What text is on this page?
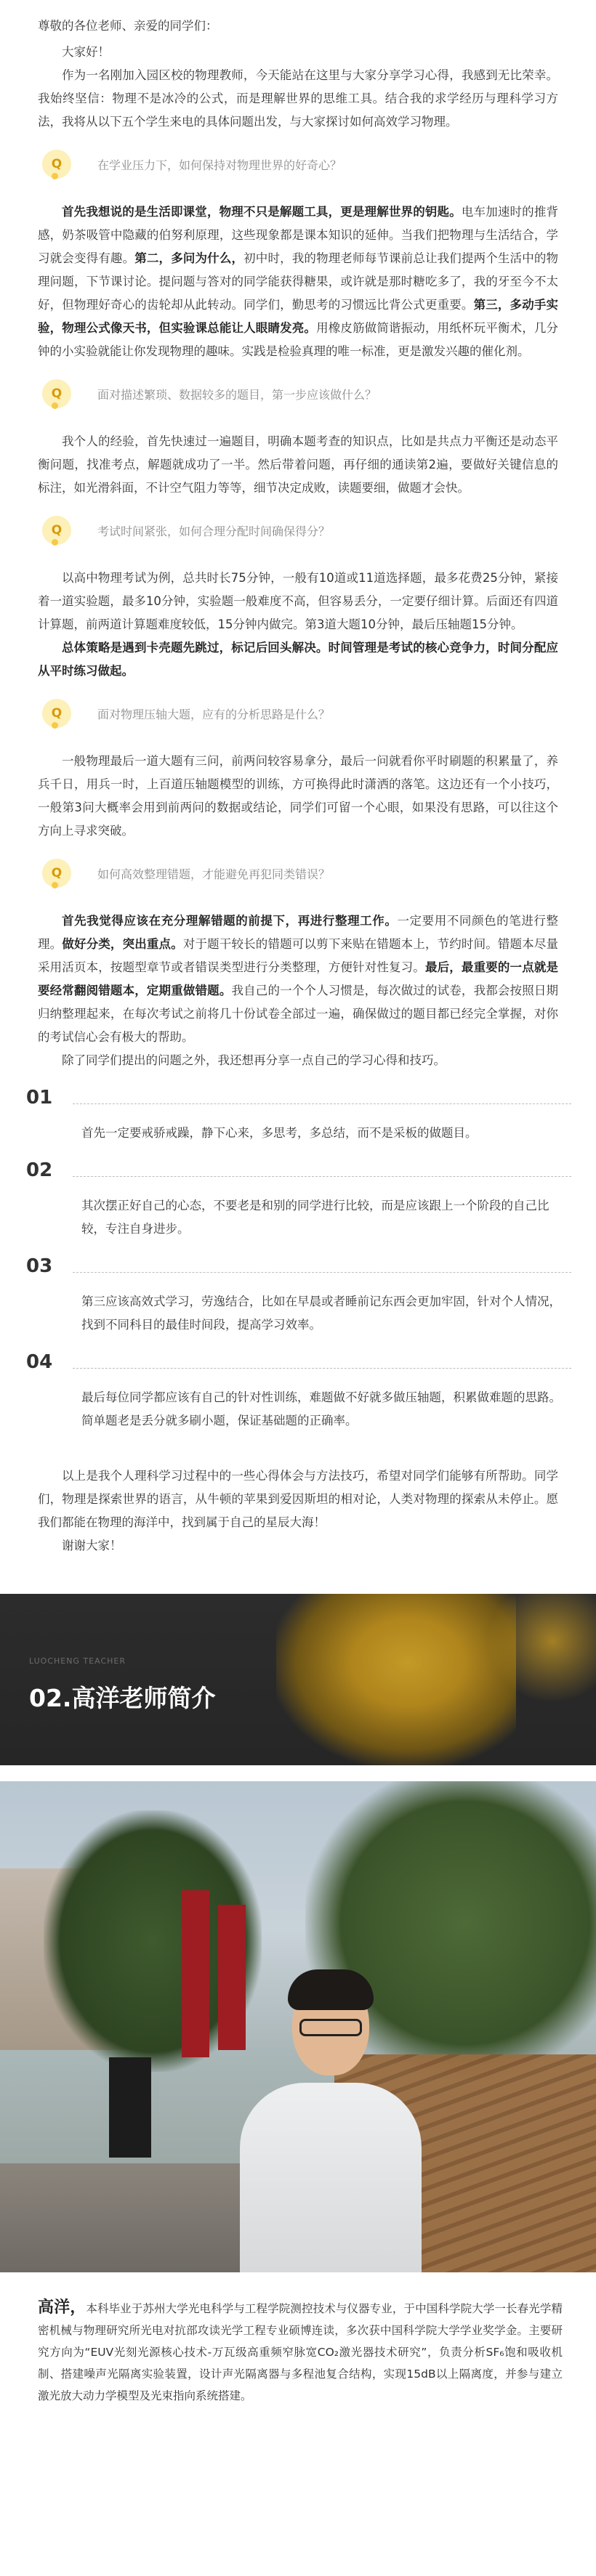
尊敬的各位老师、亲爱的同学们：

大家好！

作为一名刚加入园区校的物理教师，今天能站在这里与大家分享学习心得，我感到无比荣幸。我始终坚信：物理不是冰冷的公式，而是理解世界的思维工具。结合我的求学经历与理科学习方法，我将从以下五个学生来电的具体问题出发，与大家探讨如何高效学习物理。

Q	在学业压力下，如何保持对物理世界的好奇心？

首先我想说的是生活即课堂，物理不只是解题工具，更是理解世界的钥匙。电车加速时的推背感，奶茶吸管中隐藏的伯努利原理，这些现象都是课本知识的延伸。当我们把物理与生活结合，学习就会变得有趣。第二，多问为什么，初中时，我的物理老师每节课前总让我们提两个生活中的物理问题，下节课讨论。提问题与答对的同学能获得糖果，或许就是那时糖吃多了，我的牙至今不太好，但物理好奇心的齿轮却从此转动。同学们，勤思考的习惯远比背公式更重要。第三，多动手实验，物理公式像天书，但实验课总能让人眼睛发亮。用橡皮筋做简谐振动，用纸杯玩平衡术，几分钟的小实验就能让你发现物理的趣味。实践是检验真理的唯一标准，更是激发兴趣的催化剂。

Q	面对描述繁琐、数据较多的题目，第一步应该做什么？

我个人的经验，首先快速过一遍题目，明确本题考查的知识点，比如是共点力平衡还是动态平衡问题，找准考点，解题就成功了一半。然后带着问题，再仔细的通读第2遍，要做好关键信息的标注，如光滑斜面，不计空气阻力等等，细节决定成败，读题要细，做题才会快。

Q	考试时间紧张，如何合理分配时间确保得分？

以高中物理考试为例，总共时长75分钟，一般有10道或11道选择题，最多花费25分钟，紧接着一道实验题，最多10分钟，实验题一般难度不高，但容易丢分，一定要仔细计算。后面还有四道计算题，前两道计算题难度较低，15分钟内做完。第3道大题10分钟，最后压轴题15分钟。

总体策略是遇到卡壳题先跳过，标记后回头解决。时间管理是考试的核心竞争力，时间分配应从平时练习做起。

Q	面对物理压轴大题，应有的分析思路是什么？

一般物理最后一道大题有三问，前两问较容易拿分，最后一问就看你平时刷题的积累量了，养兵千日，用兵一时，上百道压轴题模型的训练，方可换得此时潇洒的落笔。这边还有一个小技巧，一般第3问大概率会用到前两问的数据或结论，同学们可留一个心眼，如果没有思路，可以往这个方向上寻求突破。

Q	如何高效整理错题，才能避免再犯同类错误？

首先我觉得应该在充分理解错题的前提下，再进行整理工作。一定要用不同颜色的笔进行整理。做好分类，突出重点。对于题干较长的错题可以剪下来贴在错题本上，节约时间。错题本尽量采用活页本，按题型章节或者错误类型进行分类整理，方便针对性复习。最后，最重要的一点就是要经常翻阅错题本，定期重做错题。我自己的一个个人习惯是，每次做过的试卷，我都会按照日期归纳整理起来，在每次考试之前将几十份试卷全部过一遍，确保做过的题目都已经完全掌握，对你的考试信心会有极大的帮助。

除了同学们提出的问题之外，我还想再分享一点自己的学习心得和技巧。

01
首先一定要戒骄戒躁，静下心来，多思考，多总结，而不是采板的做题目。
02
其次摆正好自己的心态，不要老是和别的同学进行比较，而是应该跟上一个阶段的自己比较，专注自身进步。
03
第三应该高效式学习，劳逸结合，比如在早晨或者睡前记东西会更加牢固，针对个人情况，找到不同科目的最佳时间段，提高学习效率。
04
最后每位同学都应该有自己的针对性训练，难题做不好就多做压轴题，积累做难题的思路。简单题老是丢分就多刷小题，保证基础题的正确率。

以上是我个人理科学习过程中的一些心得体会与方法技巧，希望对同学们能够有所帮助。同学们，物理是探索世界的语言，从牛顿的苹果到爱因斯坦的相对论，人类对物理的探索从未停止。愿我们都能在物理的海洋中，找到属于自己的星辰大海！

谢谢大家！

LUOCHENG TEACHER
02.高洋老师简介
高洋，本科毕业于苏州大学光电科学与工程学院测控技术与仪器专业，于中国科学院大学一长春光学精密机械与物理研究所光电对抗部攻读光学工程专业硕博连读，多次获中国科学院大学学业奖学金。主要研究方向为“EUV光刻光源核心技术-万瓦级高重频窄脉宽CO₂激光器技术研究”，负责分析SF₆饱和吸收机制、搭建噪声光隔离实验装置，设计声光隔离器与多程池复合结构，实现15dB以上隔离度，并参与建立激光放大动力学模型及光束指向系统搭建。
